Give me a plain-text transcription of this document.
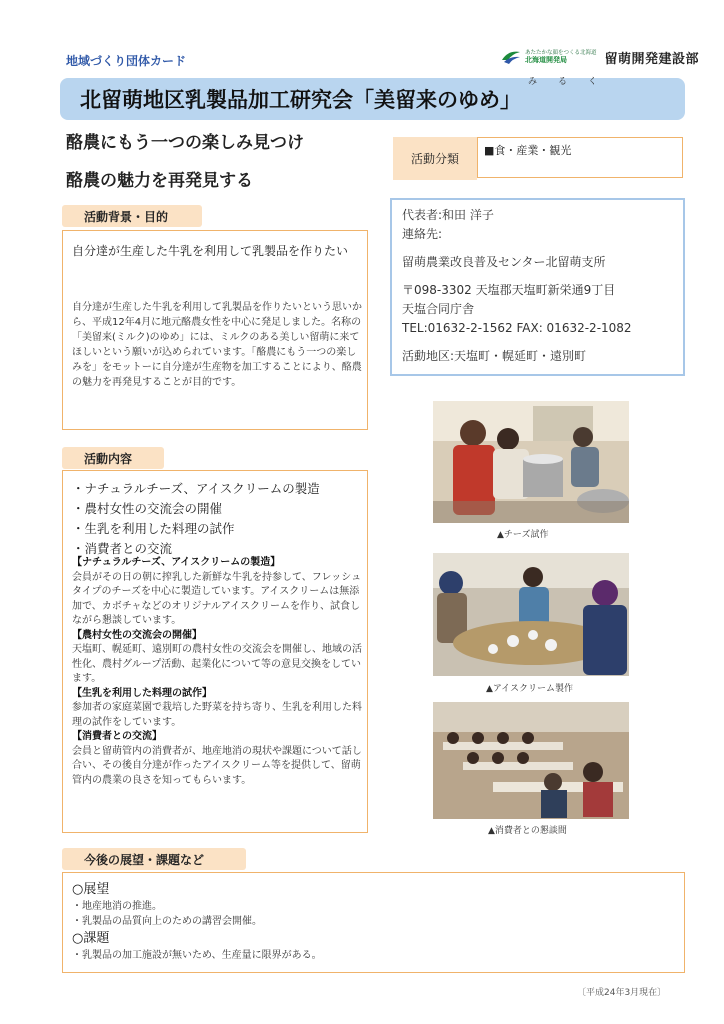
地域づくり団体カード
あたたかな顔をつくる北海道
北海道開発局	留萌開発建設部
み る く
北留萌地区乳製品加工研究会「美留来のゆめ」
酪農にもう一つの楽しみ見つけ
酪農の魅力を再発見する
活動分類
■食・産業・観光
活動背景・目的
自分達が生産した牛乳を利用して乳製品を作りたい
自分達が生産した牛乳を利用して乳製品を作りたいという思いから、平成12年4月に地元酪農女性を中心に発足しました。名称の「美留来(ミルク)のゆめ」には、ミルクのある美しい留萌に来てほしいという願いが込められています。「酪農にもう一つの楽しみを」をモットーに自分達が生産物を加工することにより、酪農の魅力を再発見することが目的です。
代表者:和田 洋子
連絡先:
留萌農業改良普及センター北留萌支所
〒098-3302 天塩郡天塩町新栄通9丁目
天塩合同庁舎
TEL:01632-2-1562 FAX: 01632-2-1082
活動地区:天塩町・幌延町・遠別町
活動内容
・ナチュラルチーズ、アイスクリームの製造
・農村女性の交流会の開催
・生乳を利用した料理の試作
・消費者との交流
【ナチュラルチーズ、アイスクリームの製造】
会員がその日の朝に搾乳した新鮮な牛乳を持参して、フレッシュタイプのチーズを中心に製造しています。アイスクリームは無添加で、カボチャなどのオリジナルアイスクリームを作り、試食しながら懇談しています。
【農村女性の交流会の開催】
天塩町、幌延町、遠別町の農村女性の交流会を開催し、地域の活性化、農村グループ活動、起業化について等の意見交換をしています。
【生乳を利用した料理の試作】
参加者の家庭菜園で栽培した野菜を持ち寄り、生乳を利用した料理の試作をしています。
【消費者との交流】
会員と留萌管内の消費者が、地産地消の現状や課題について話し合い、その後自分達が作ったアイスクリーム等を提供して、留萌管内の農業の良さを知ってもらいます。
▲チーズ試作
▲アイスクリーム製作
▲消費者との懇談間
今後の展望・課題など
○展望
・地産地消の推進。
・乳製品の品質向上のための講習会開催。
○課題
・乳製品の加工施設が無いため、生産量に限界がある。
〔平成24年3月現在〕
